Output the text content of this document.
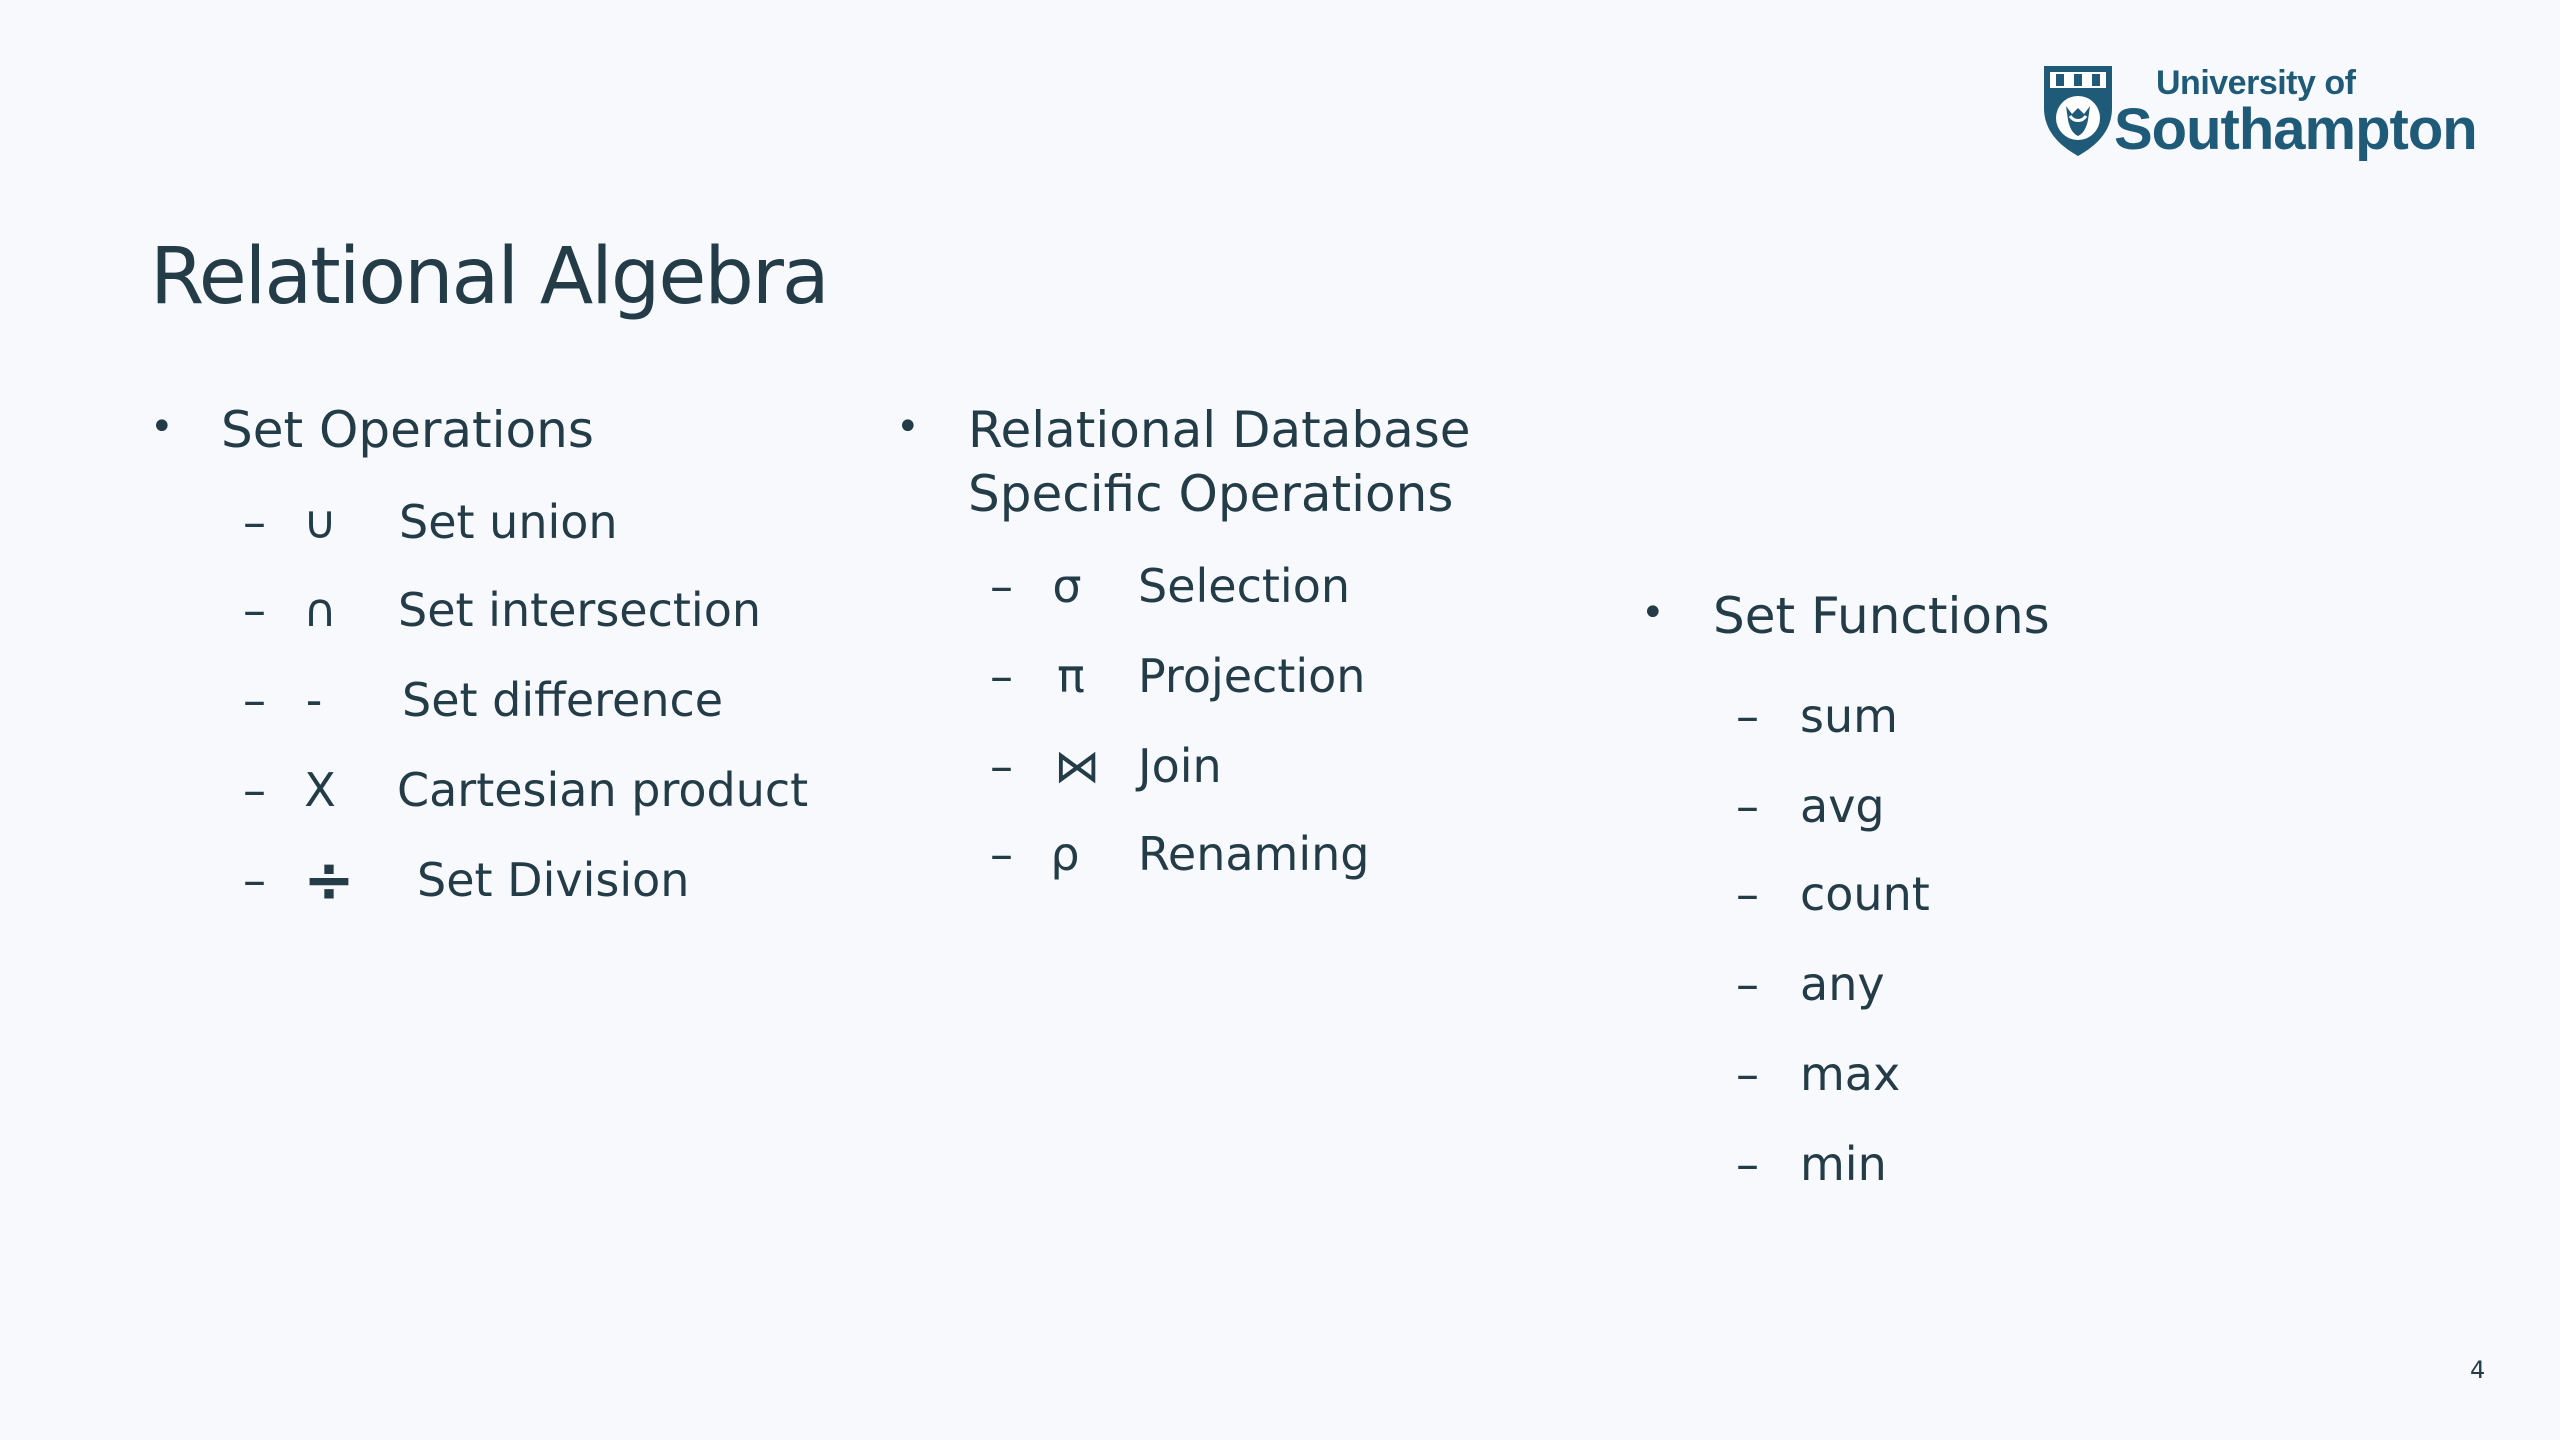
University of
Southampton
Relational Algebra
• Set Operations
– ∪ Set union
– ∩ Set intersection
– -	Set difference
– X Cartesian product
– ÷ Set Division
• Relational Database
Specific Operations
– σ Selection
– π Projection
– ⋈ Join
– ρ Renaming
• Set Functions
– sum
– avg
– count
– any
– max
– min
4
